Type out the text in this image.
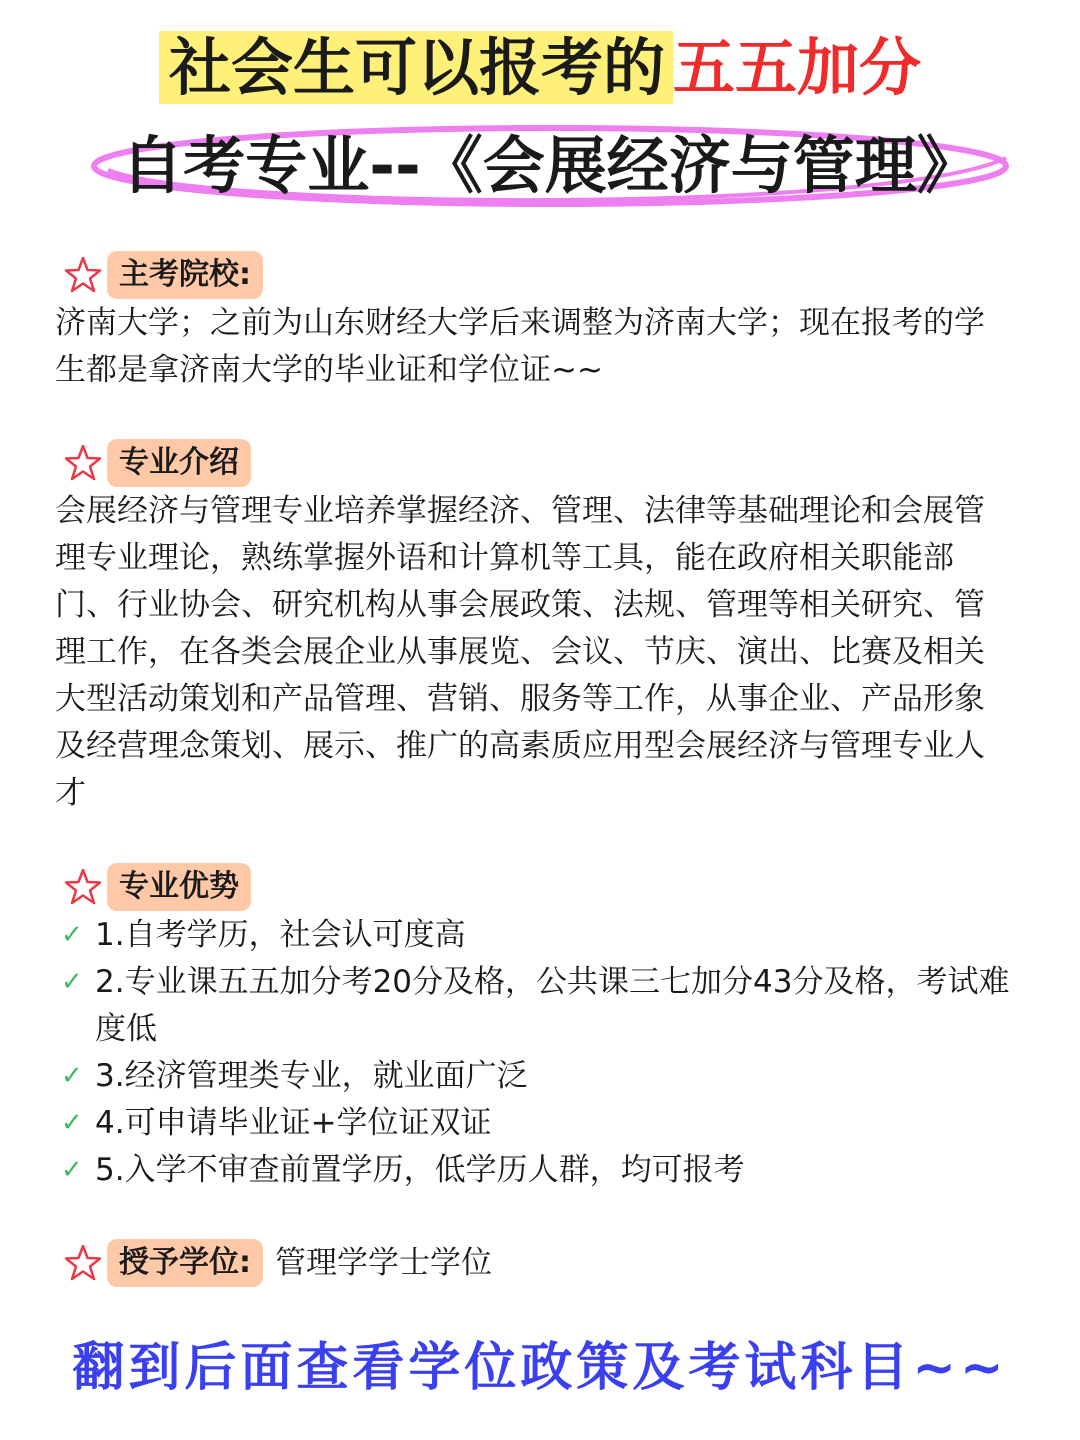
社会生可以报考的 五五加分
自考专业--《会展经济与管理》
主考院校:

济南大学；之前为山东财经大学后来调整为济南大学；现在报考的学生都是拿济南大学的毕业证和学位证~~

专业介绍

会展经济与管理专业培养掌握经济、管理、法律等基础理论和会展管理专业理论，熟练掌握外语和计算机等工具，能在政府相关职能部门、行业协会、研究机构从事会展政策、法规、管理等相关研究、管理工作，在各类会展企业从事展览、会议、节庆、演出、比赛及相关大型活动策划和产品管理、营销、服务等工作，从事企业、产品形象及经营理念策划、展示、推广的高素质应用型会展经济与管理专业人才

专业优势
✓ 1.自考学历，社会认可度高
✓ 2.专业课五五加分考20分及格，公共课三七加分43分及格，考试难度低
✓ 3.经济管理类专业，就业面广泛
✓ 4.可申请毕业证+学位证双证
✓ 5.入学不审查前置学历，低学历人群，均可报考
授予学位: 管理学学士学位
翻到后面查看学位政策及考试科目~~
